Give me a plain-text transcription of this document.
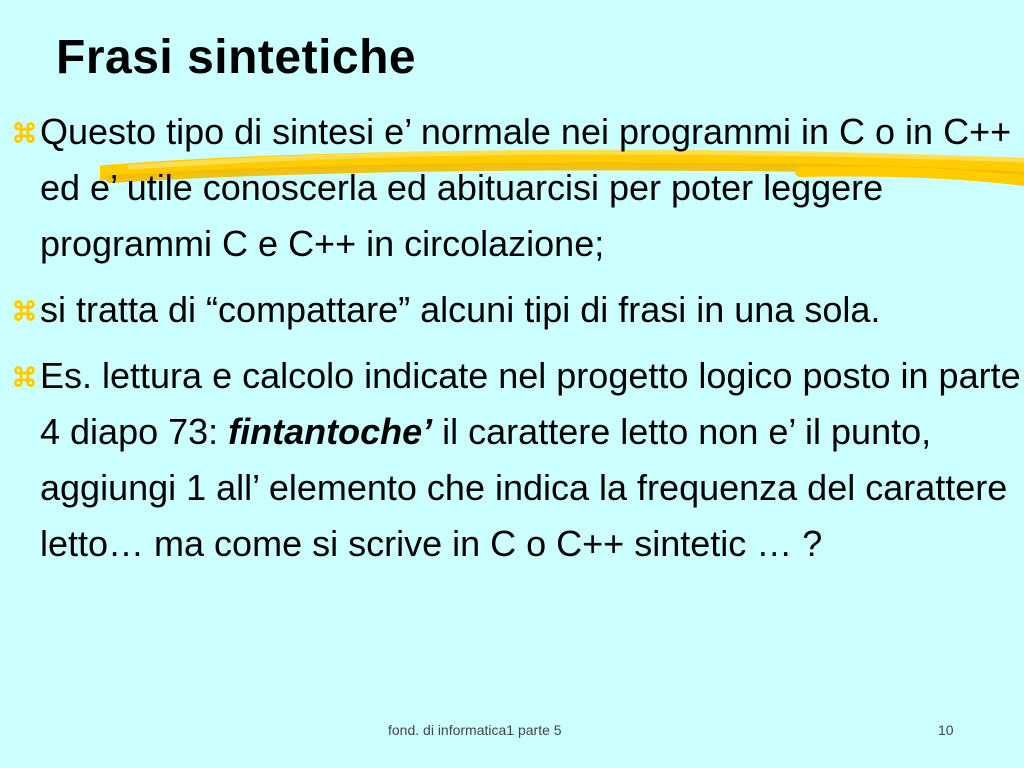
Frasi sintetiche
Questo tipo di sintesi e’ normale nei programmi in C o in C++ ed e’ utile conoscerla ed abituarcisi per poter leggere programmi C e C++ in circolazione;
si tratta di “compattare” alcuni tipi di frasi in una sola.
Es. lettura e calcolo indicate nel progetto logico posto in parte 4 diapo 73: fintantoche’ il carattere letto non e’ il punto, aggiungi 1 all’ elemento che indica la frequenza del carattere letto… ma come si scrive in C o C++ sintetic … ?
fond. di informatica1 parte 5	10
